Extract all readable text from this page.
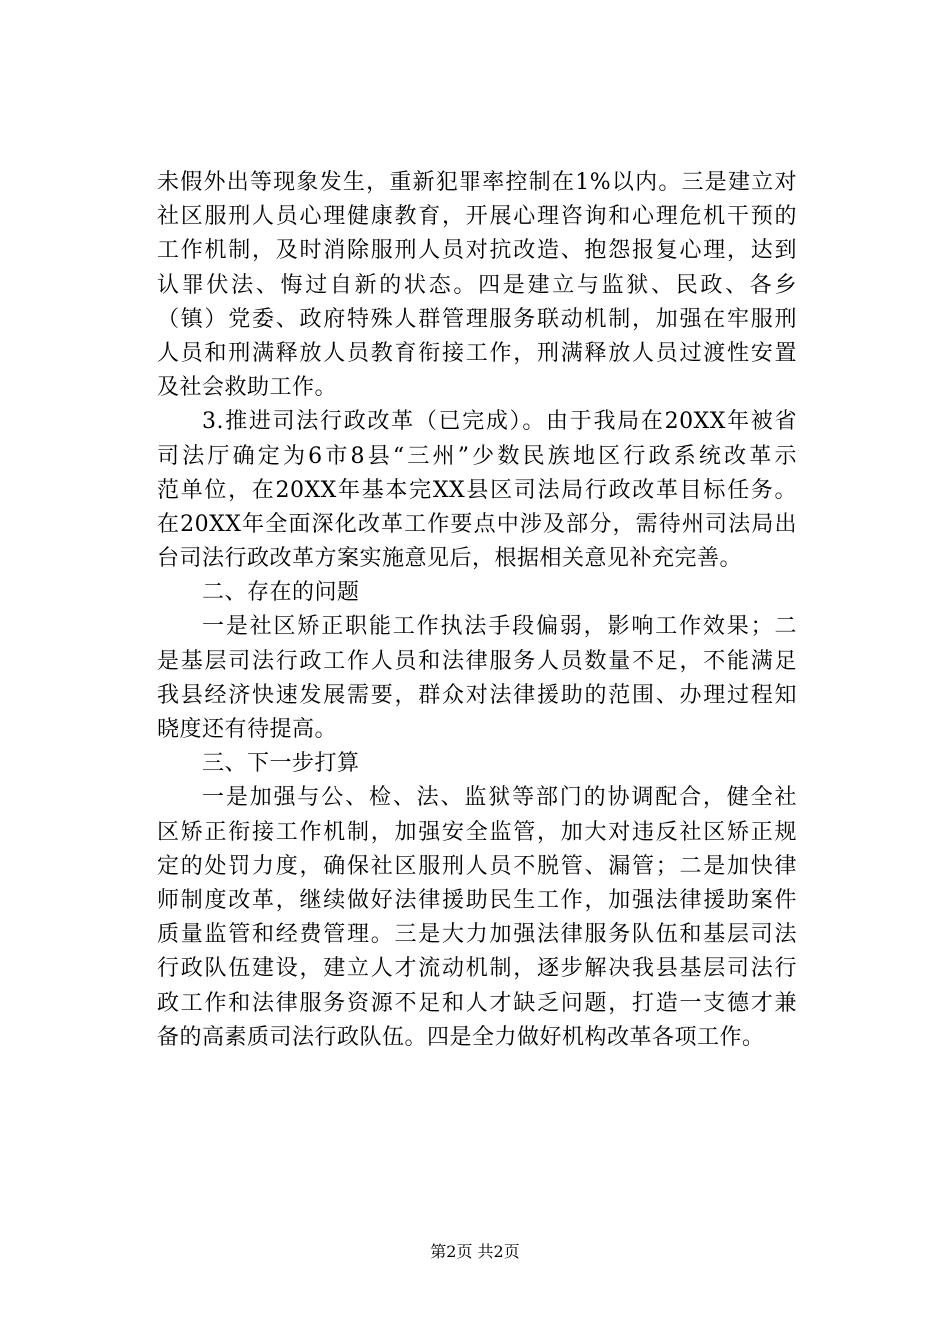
未假外出等现象发生，重新犯罪率控制在1%以内。三是建立对
社区服刑人员心理健康教育，开展心理咨询和心理危机干预的
工作机制，及时消除服刑人员对抗改造、抱怨报复心理，达到
认罪伏法、悔过自新的状态。四是建立与监狱、民政、各乡
（镇）党委、政府特殊人群管理服务联动机制，加强在牢服刑
人员和刑满释放人员教育衔接工作，刑满释放人员过渡性安置
及社会救助工作。
3.推进司法行政改革（已完成）。由于我局在20XX年被省
司法厅确定为6市8县“三州”少数民族地区行政系统改革示
范单位，在20XX年基本完XX县区司法局行政改革目标任务。
在20XX年全面深化改革工作要点中涉及部分，需待州司法局出
台司法行政改革方案实施意见后，根据相关意见补充完善。
二、存在的问题
一是社区矫正职能工作执法手段偏弱，影响工作效果；二
是基层司法行政工作人员和法律服务人员数量不足，不能满足
我县经济快速发展需要，群众对法律援助的范围、办理过程知
晓度还有待提高。
三、下一步打算
一是加强与公、检、法、监狱等部门的协调配合，健全社
区矫正衔接工作机制，加强安全监管，加大对违反社区矫正规
定的处罚力度，确保社区服刑人员不脱管、漏管；二是加快律
师制度改革，继续做好法律援助民生工作，加强法律援助案件
质量监管和经费管理。三是大力加强法律服务队伍和基层司法
行政队伍建设，建立人才流动机制，逐步解决我县基层司法行
政工作和法律服务资源不足和人才缺乏问题，打造一支德才兼
备的高素质司法行政队伍。四是全力做好机构改革各项工作。
第2页 共2页
